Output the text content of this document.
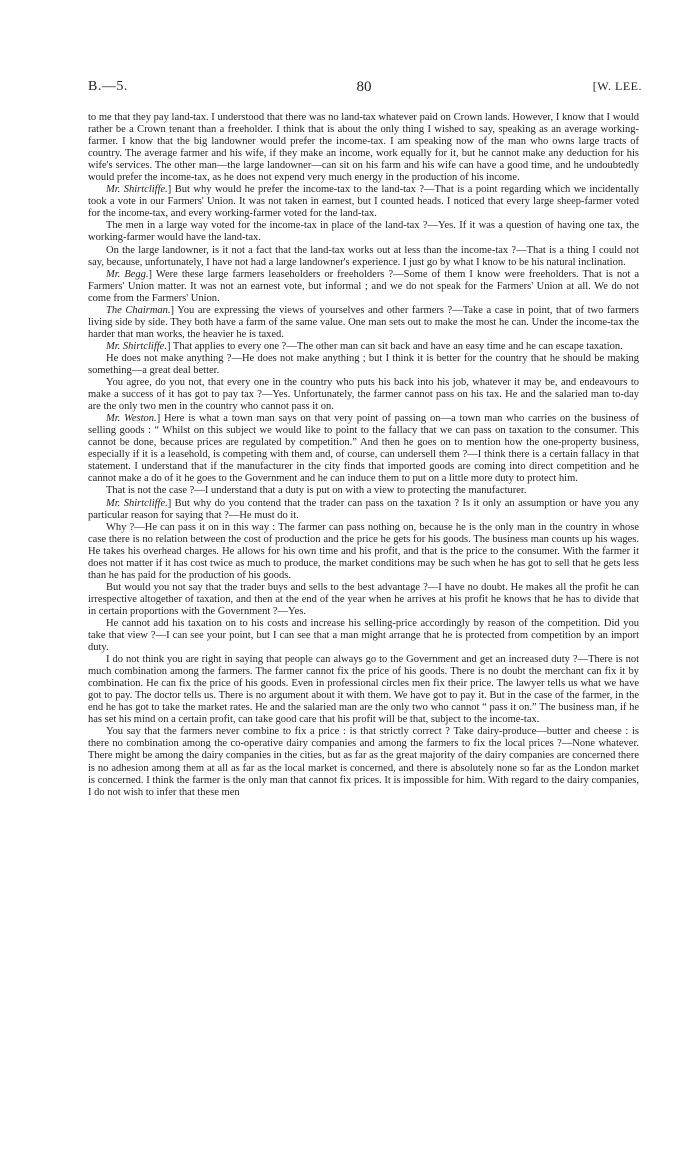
80
B.—5.	[W. LEE.

to me that they pay land-tax. I understood that there was no land-tax whatever paid on Crown lands. However, I know that I would rather be a Crown tenant than a freeholder. I think that is about the only thing I wished to say, speaking as an average working-farmer. I know that the big landowner would prefer the income-tax. I am speaking now of the man who owns large tracts of country. The average farmer and his wife, if they make an income, work equally for it, but he cannot make any deduction for his wife's services. The other man—the large landowner—can sit on his farm and his wife can have a good time, and he undoubtedly would prefer the income-tax, as he does not expend very much energy in the production of his income.

Mr. Shirtcliffe.] But why would he prefer the income-tax to the land-tax ?—That is a point regarding which we incidentally took a vote in our Farmers' Union. It was not taken in earnest, but I counted heads. I noticed that every large sheep-farmer voted for the income-tax, and every working-farmer voted for the land-tax.

The men in a large way voted for the income-tax in place of the land-tax ?—Yes. If it was a question of having one tax, the working-farmer would have the land-tax.

On the large landowner, is it not a fact that the land-tax works out at less than the income-tax ?—That is a thing I could not say, because, unfortunately, I have not had a large landowner's experience. I just go by what I know to be his natural inclination.

Mr. Begg.] Were these large farmers leaseholders or freeholders ?—Some of them I know were freeholders. That is not a Farmers' Union matter. It was not an earnest vote, but informal ; and we do not speak for the Farmers' Union at all. We do not come from the Farmers' Union.

The Chairman.] You are expressing the views of yourselves and other farmers ?—Take a case in point, that of two farmers living side by side. They both have a farm of the same value. One man sets out to make the most he can. Under the income-tax the harder that man works, the heavier he is taxed.

Mr. Shirtcliffe.] That applies to every one ?—The other man can sit back and have an easy time and he can escape taxation.

He does not make anything ?—He does not make anything ; but I think it is better for the country that he should be making something—a great deal better.

You agree, do you not, that every one in the country who puts his back into his job, whatever it may be, and endeavours to make a success of it has got to pay tax ?—Yes. Unfortunately, the farmer cannot pass on his tax. He and the salaried man to-day are the only two men in the country who cannot pass it on.

Mr. Weston.] Here is what a town man says on that very point of passing on—a town man who carries on the business of selling goods : “ Whilst on this subject we would like to point to the fallacy that we can pass on taxation to the consumer. This cannot be done, because prices are regulated by competition.” And then he goes on to mention how the one-property business, especially if it is a leasehold, is competing with them and, of course, can undersell them ?—I think there is a certain fallacy in that statement. I understand that if the manufacturer in the city finds that imported goods are coming into direct competition and he cannot make a do of it he goes to the Government and he can induce them to put on a little more duty to protect him.

That is not the case ?—I understand that a duty is put on with a view to protecting the manufacturer.

Mr. Shirtcliffe.] But why do you contend that the trader can pass on the taxation ? Is it only an assumption or have you any particular reason for saying that ?—He must do it.

Why ?—He can pass it on in this way : The farmer can pass nothing on, because he is the only man in the country in whose case there is no relation between the cost of production and the price he gets for his goods. The business man counts up his wages. He takes his overhead charges. He allows for his own time and his profit, and that is the price to the consumer. With the farmer it does not matter if it has cost twice as much to produce, the market conditions may be such when he has got to sell that he gets less than he has paid for the production of his goods.

But would you not say that the trader buys and sells to the best advantage ?—I have no doubt. He makes all the profit he can irrespective altogether of taxation, and then at the end of the year when he arrives at his profit he knows that he has to divide that in certain proportions with the Government ?—Yes.

He cannot add his taxation on to his costs and increase his selling-price accordingly by reason of the competition. Did you take that view ?—I can see your point, but I can see that a man might arrange that he is protected from competition by an import duty.

I do not think you are right in saying that people can always go to the Government and get an increased duty ?—There is not much combination among the farmers. The farmer cannot fix the price of his goods. There is no doubt the merchant can fix it by combination. He can fix the price of his goods. Even in professional circles men fix their price. The lawyer tells us what we have got to pay. The doctor tells us. There is no argument about it with them. We have got to pay it. But in the case of the farmer, in the end he has got to take the market rates. He and the salaried man are the only two who cannot “ pass it on.” The business man, if he has set his mind on a certain profit, can take good care that his profit will be that, subject to the income-tax.

You say that the farmers never combine to fix a price : is that strictly correct ? Take dairy-produce—butter and cheese : is there no combination among the co-operative dairy companies and among the farmers to fix the local prices ?—None whatever. There might be among the dairy companies in the cities, but as far as the great majority of the dairy companies are concerned there is no adhesion among them at all as far as the local market is concerned, and there is absolutely none so far as the London market is concerned. I think the farmer is the only man that cannot fix prices. It is impossible for him. With regard to the dairy companies, I do not wish to infer that these men
